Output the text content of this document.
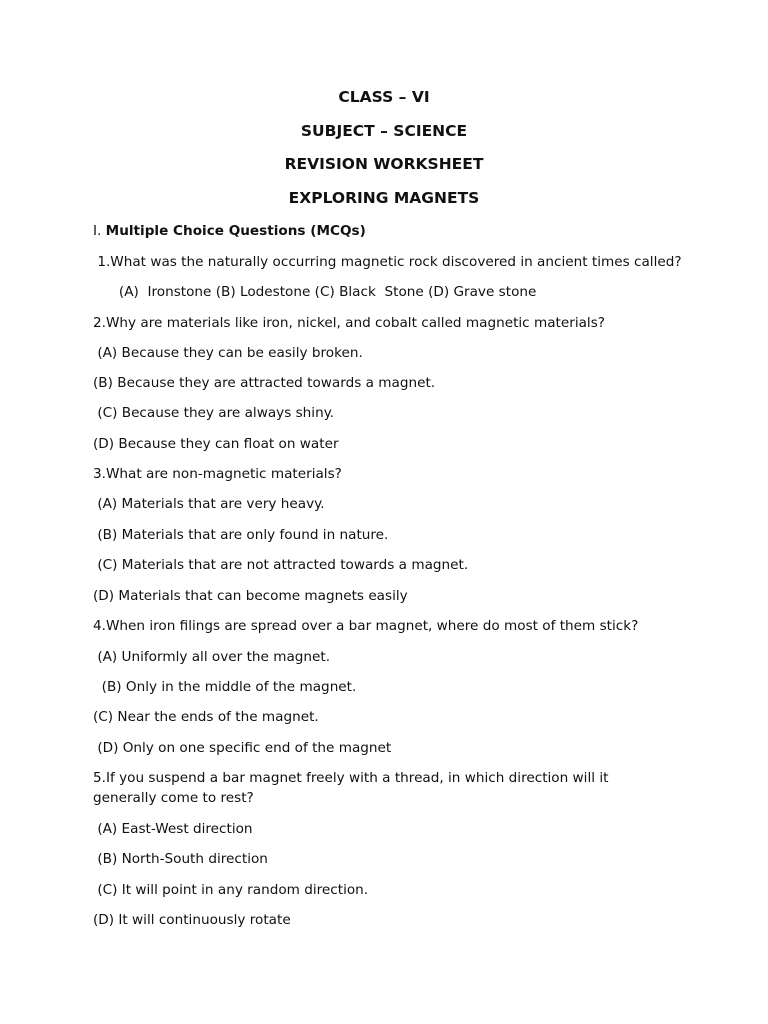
CLASS – VI
SUBJECT – SCIENCE
REVISION WORKSHEET
EXPLORING MAGNETS
I. Multiple Choice Questions (MCQs)
1.What was the naturally occurring magnetic rock discovered in ancient times called?
(A)  Ironstone (B) Lodestone (C) Black  Stone (D) Grave stone
2.Why are materials like iron, nickel, and cobalt called magnetic materials?
(A) Because they can be easily broken.
(B) Because they are attracted towards a magnet.
(C) Because they are always shiny.
(D) Because they can float on water
3.What are non-magnetic materials?
(A) Materials that are very heavy.
(B) Materials that are only found in nature.
(C) Materials that are not attracted towards a magnet.
(D) Materials that can become magnets easily
4.When iron filings are spread over a bar magnet, where do most of them stick?
(A) Uniformly all over the magnet.
(B) Only in the middle of the magnet.
(C) Near the ends of the magnet.
(D) Only on one specific end of the magnet
5.If you suspend a bar magnet freely with a thread, in which direction will it generally come to rest?
(A) East-West direction
(B) North-South direction
(C) It will point in any random direction.
(D) It will continuously rotate
